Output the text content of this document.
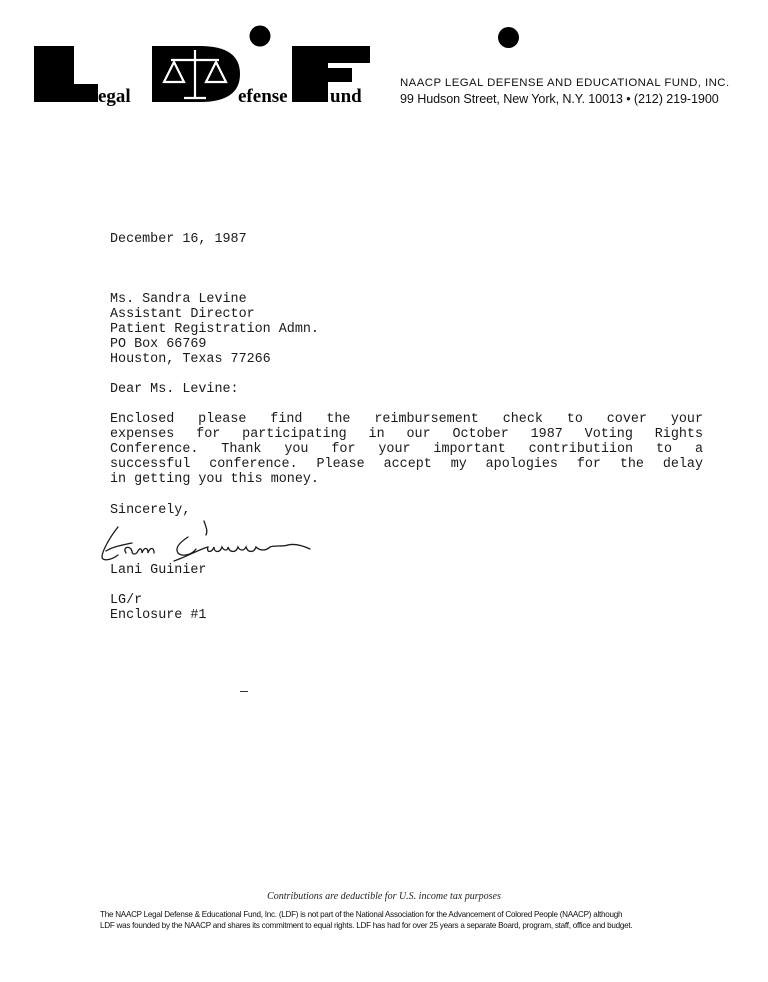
egal	efense und
NAACP LEGAL DEFENSE AND EDUCATIONAL FUND, INC.
99 Hudson Street, New York, N.Y. 10013 • (212) 219-1900
December 16, 1987
Ms. Sandra Levine
Assistant Director
Patient Registration Admn.
PO Box 66769
Houston, Texas 77266
Dear Ms. Levine:
Enclosed please find the reimbursement check to cover your
expenses for participating in our October 1987 Voting Rights
Conference. Thank you for your important contributiion to a
successful conference. Please accept my apologies for the delay
in getting you this money.
Sincerely,
Lani Guinier
LG/r
Enclosure #1
Contributions are deductible for U.S. income tax purposes
The NAACP Legal Defense & Educational Fund, Inc. (LDF) is not part of the National Association for the Advancement of Colored People (NAACP) although
LDF was founded by the NAACP and shares its commitment to equal rights. LDF has had for over 25 years a separate Board, program, staff, office and budget.
